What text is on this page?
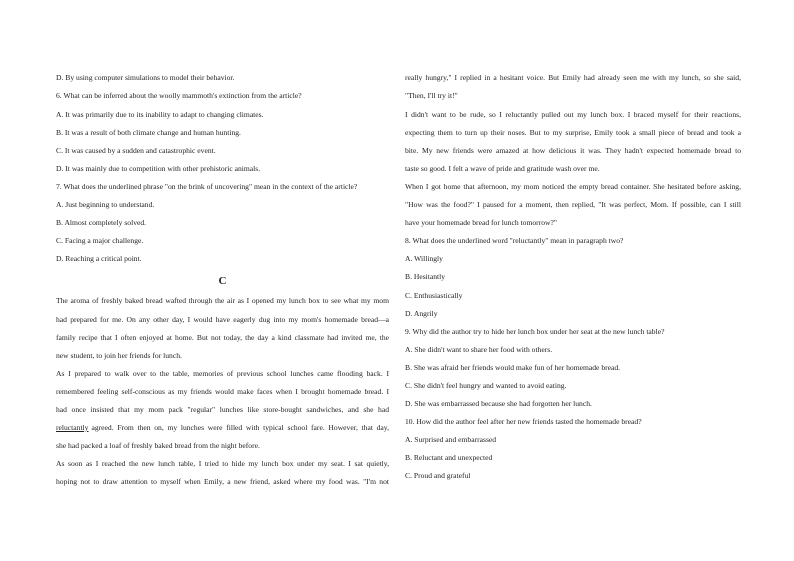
D. By using computer simulations to model their behavior.
6. What can be inferred about the woolly mammoth's extinction from the article?
A. It was primarily due to its inability to adapt to changing climates.
B. It was a result of both climate change and human hunting.
C. It was caused by a sudden and catastrophic event.
D. It was mainly due to competition with other prehistoric animals.
7. What does the underlined phrase "on the brink of uncovering" mean in the context of the article?
A. Just beginning to understand.
B. Almost completely solved.
C. Facing a major challenge.
D. Reaching a critical point.
C
The aroma of freshly baked bread wafted through the air as I opened my lunch box to see what my mom
had prepared for me. On any other day, I would have eagerly dug into my mom's homemade bread—a
family recipe that I often enjoyed at home. But not today, the day a kind classmate had invited me, the
new student, to join her friends for lunch.
As I prepared to walk over to the table, memories of previous school lunches came flooding back. I
remembered feeling self-conscious as my friends would make faces when I brought homemade bread. I
had once insisted that my mom pack "regular" lunches like store-bought sandwiches, and she had
reluctantly agreed. From then on, my lunches were filled with typical school fare. However, that day,
she had packed a loaf of freshly baked bread from the night before.
As soon as I reached the new lunch table, I tried to hide my lunch box under my seat. I sat quietly,
hoping not to draw attention to myself when Emily, a new friend, asked where my food was. "I'm not
really hungry," I replied in a hesitant voice. But Emily had already seen me with my lunch, so she said,
"Then, I'll try it!"
I didn't want to be rude, so I reluctantly pulled out my lunch box. I braced myself for their reactions,
expecting them to turn up their noses. But to my surprise, Emily took a small piece of bread and took a
bite. My new friends were amazed at how delicious it was. They hadn't expected homemade bread to
taste so good. I felt a wave of pride and gratitude wash over me.
When I got home that afternoon, my mom noticed the empty bread container. She hesitated before asking,
"How was the food?" I paused for a moment, then replied, "It was perfect, Mom. If possible, can I still
have your homemade bread for lunch tomorrow?"
8. What does the underlined word "reluctantly" mean in paragraph two?
A. Willingly
B. Hesitantly
C. Enthusiastically
D. Angrily
9. Why did the author try to hide her lunch box under her seat at the new lunch table?
A. She didn't want to share her food with others.
B. She was afraid her friends would make fun of her homemade bread.
C. She didn't feel hungry and wanted to avoid eating.
D. She was embarrassed because she had forgotten her lunch.
10. How did the author feel after her new friends tasted the homemade bread?
A. Surprised and embarrassed
B. Reluctant and unexpected
C. Proud and grateful
